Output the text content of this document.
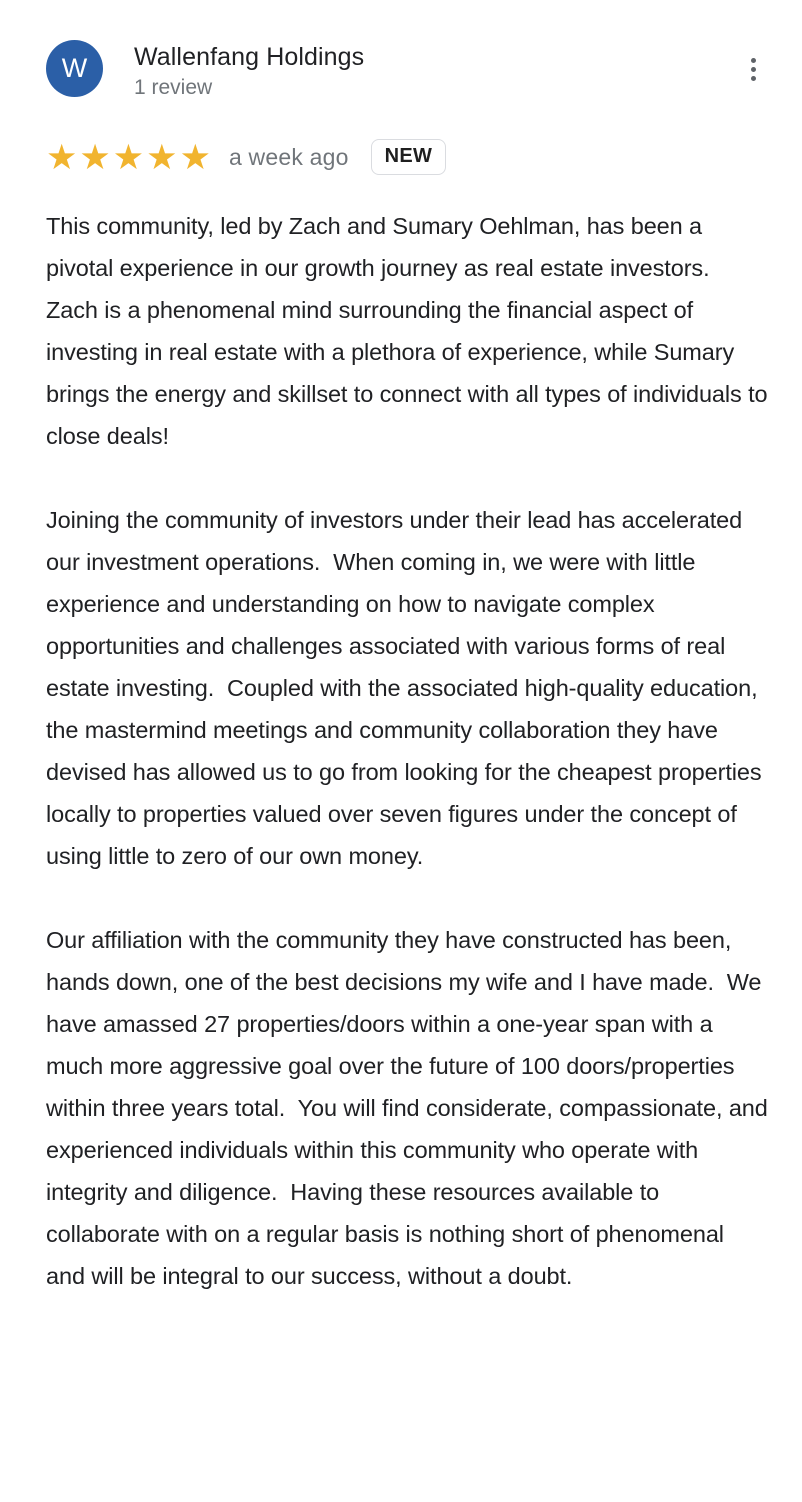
W Wallenfang Holdings
1 review
★ ★ ★ ★ ★ a week ago	NEW

This community, led by Zach and Sumary Oehlman, has been a pivotal experience in our growth journey as real estate investors.  Zach is a phenomenal mind surrounding the financial aspect of investing in real estate with a plethora of experience, while Sumary brings the energy and skillset to connect with all types of individuals to close deals!

Joining the community of investors under their lead has accelerated our investment operations.  When coming in, we were with little experience and understanding on how to navigate complex opportunities and challenges associated with various forms of real estate investing.  Coupled with the associated high-quality education, the mastermind meetings and community collaboration they have devised has allowed us to go from looking for the cheapest properties locally to properties valued over seven figures under the concept of using little to zero of our own money.

Our affiliation with the community they have constructed has been, hands down, one of the best decisions my wife and I have made.  We have amassed 27 properties/doors within a one-year span with a much more aggressive goal over the future of 100 doors/properties within three years total.  You will find considerate, compassionate, and experienced individuals within this community who operate with integrity and diligence.  Having these resources available to collaborate with on a regular basis is nothing short of phenomenal and will be integral to our success, without a doubt.
